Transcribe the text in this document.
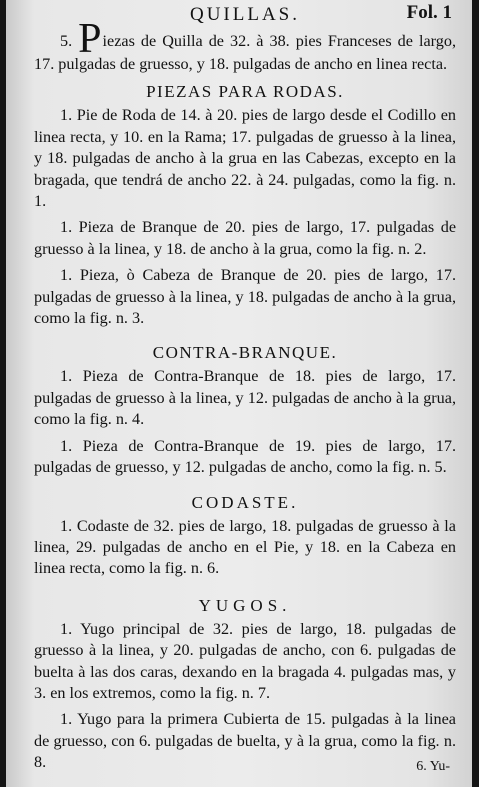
QUILLAS.	Fol. 1

5. Piezas de Quilla de 32. à 38. pies Franceses de largo, 17. pulgadas de gruesso, y 18. pulgadas de ancho en linea recta.

PIEZAS PARA RODAS.

1. Pie de Roda de 14. à 20. pies de largo desde el Codillo en linea recta, y 10. en la Rama; 17. pulgadas de gruesso à la linea, y 18. pulgadas de ancho à la grua en las Cabezas, excepto en la bragada, que tendrá de ancho 22. à 24. pulgadas, como la fig. n. 1.

1. Pieza de Branque de 20. pies de largo, 17. pulgadas de gruesso à la linea, y 18. de ancho à la grua, como la fig. n. 2.

1. Pieza, ò Cabeza de Branque de 20. pies de largo, 17. pulgadas de gruesso à la linea, y 18. pulgadas de ancho à la grua, como la fig. n. 3.

CONTRA-BRANQUE.

1. Pieza de Contra-Branque de 18. pies de largo, 17. pulgadas de gruesso à la linea, y 12. pulgadas de ancho à la grua, como la fig. n. 4.

1. Pieza de Contra-Branque de 19. pies de largo, 17. pulgadas de gruesso, y 12. pulgadas de ancho, como la fig. n. 5.

CODASTE.

1. Codaste de 32. pies de largo, 18. pulgadas de gruesso à la linea, 29. pulgadas de ancho en el Pie, y 18. en la Cabeza en linea recta, como la fig. n. 6.

YUGOS.

1. Yugo principal de 32. pies de largo, 18. pulgadas de gruesso à la linea, y 20. pulgadas de ancho, con 6. pulgadas de buelta à las dos caras, dexando en la bragada 4. pulgadas mas, y 3. en los extremos, como la fig. n. 7.

1. Yugo para la primera Cubierta de 15. pulgadas à la linea de gruesso, con 6. pulgadas de buelta, y à la grua, como la fig. n. 8.	6. Yu-
